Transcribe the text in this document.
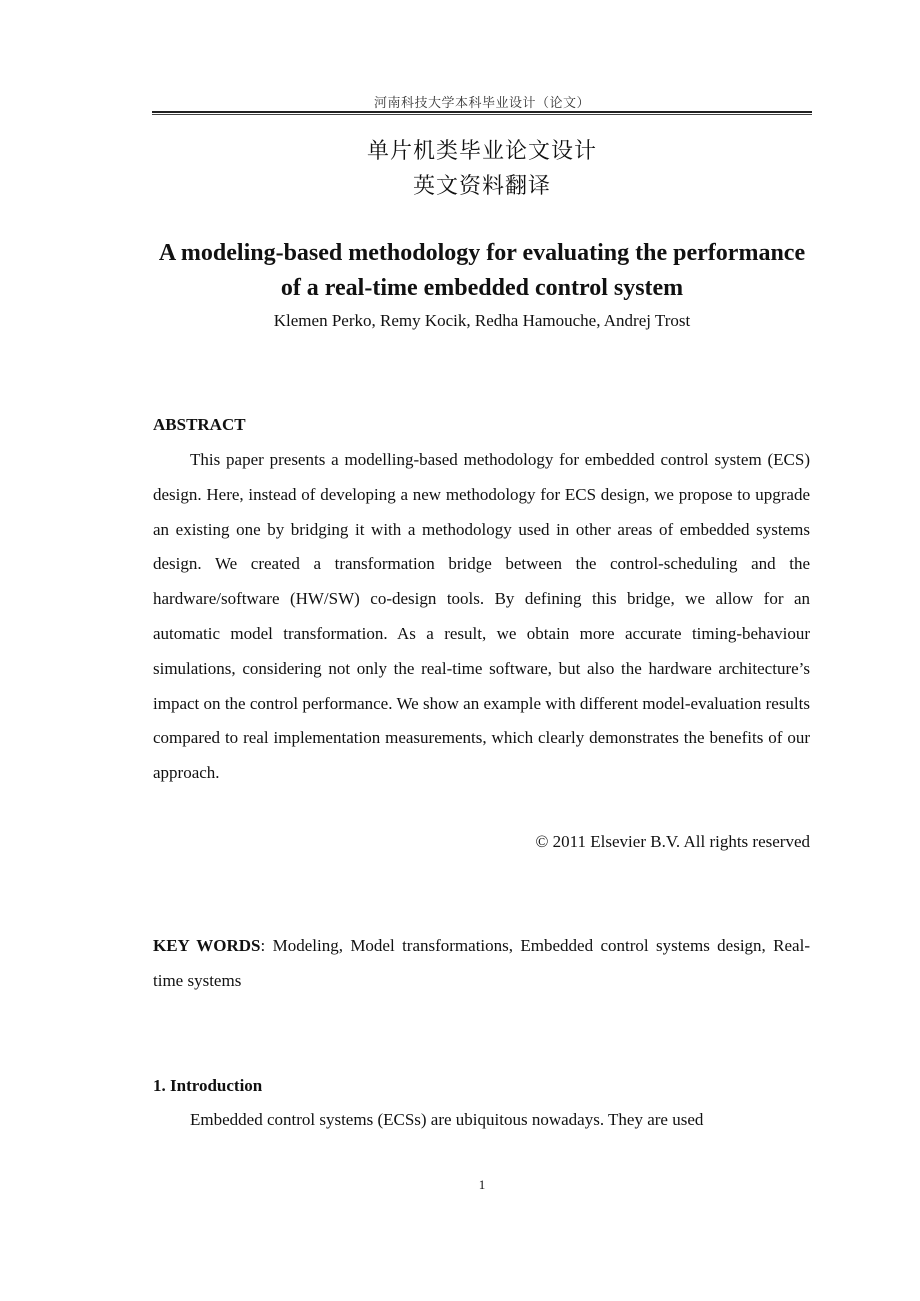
河南科技大学本科毕业设计（论文）
单片机类毕业论文设计
英文资料翻译
A modeling-based methodology for evaluating the performance of a real-time embedded control system
Klemen Perko, Remy Kocik, Redha Hamouche, Andrej Trost
ABSTRACT

This paper presents a modelling-based methodology for embedded control system (ECS) design. Here, instead of developing a new methodology for ECS design, we propose to upgrade an existing one by bridging it with a methodology used in other areas of embedded systems design. We created a transformation bridge between the control-scheduling and the hardware/software (HW/SW) co-design tools. By defining this bridge, we allow for an automatic model transformation. As a result, we obtain more accurate timing-behaviour simulations, considering not only the real-time software, but also the hardware architecture’s impact on the control performance. We show an example with different model-evaluation results compared to real implementation measurements, which clearly demonstrates the benefits of our approach.

© 2011 Elsevier B.V. All rights reserved

KEY WORDS: Modeling, Model transformations, Embedded control systems design, Real-time systems

1. Introduction

Embedded control systems (ECSs) are ubiquitous nowadays. They are used

1
